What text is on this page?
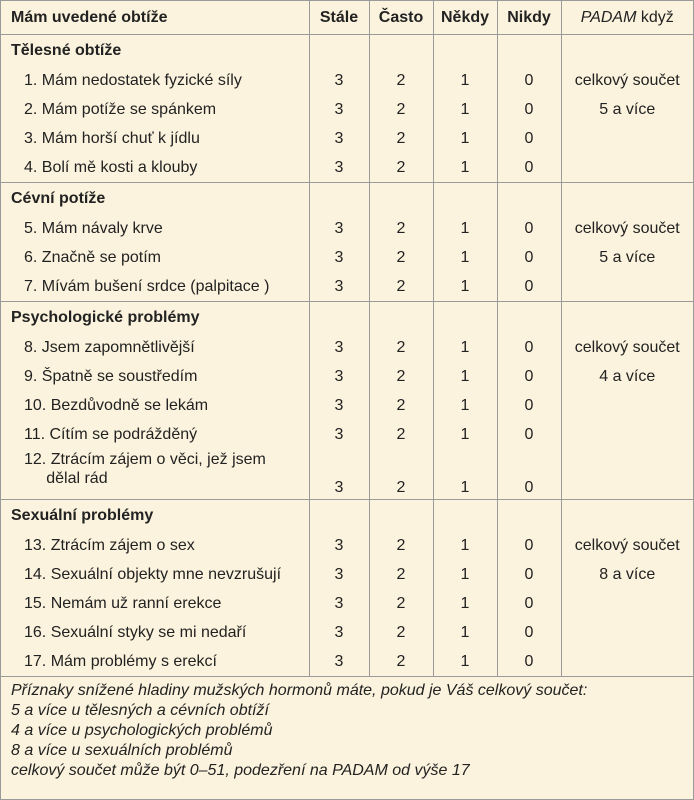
Mám uvedené obtíže	Stále	Často	Někdy	Nikdy	PADAM když
Tělesné obtíže					
1. Mám nedostatek fyzické síly	3	2	1	0	celkový součet
2. Mám potíže se spánkem	3	2	1	0	5 a více
3. Mám horší chuť k jídlu	3	2	1	0	
4. Bolí mě kosti a klouby	3	2	1	0	
Cévní potíže					
5. Mám návaly krve	3	2	1	0	celkový součet
6. Značně se potím	3	2	1	0	5 a více
7. Mívám bušení srdce (palpitace )	3	2	1	0	
Psychologické problémy					
8. Jsem zapomnětlivější	3	2	1	0	celkový součet
9. Špatně se soustředím	3	2	1	0	4 a více
10. Bezdůvodně se lekám	3	2	1	0	
11. Cítím se podrážděný	3	2	1	0	
12. Ztrácím zájem o věci, jež jsem
dělal rád	3	2	1	0	
Sexuální problémy					
13. Ztrácím zájem o sex	3	2	1	0	celkový součet
14. Sexuální objekty mne nevzrušují	3	2	1	0	8 a více
15. Nemám už ranní erekce	3	2	1	0	
16. Sexuální styky se mi nedaří	3	2	1	0	
17. Mám problémy s erekcí	3	2	1	0	
Příznaky snížené hladiny mužských hormonů máte, pokud je Váš celkový součet:
5 a více u tělesných a cévních obtíží
4 a více u psychologických problémů
8 a více u sexuálních problémů
celkový součet může být 0–51, podezření na PADAM od výše 17
